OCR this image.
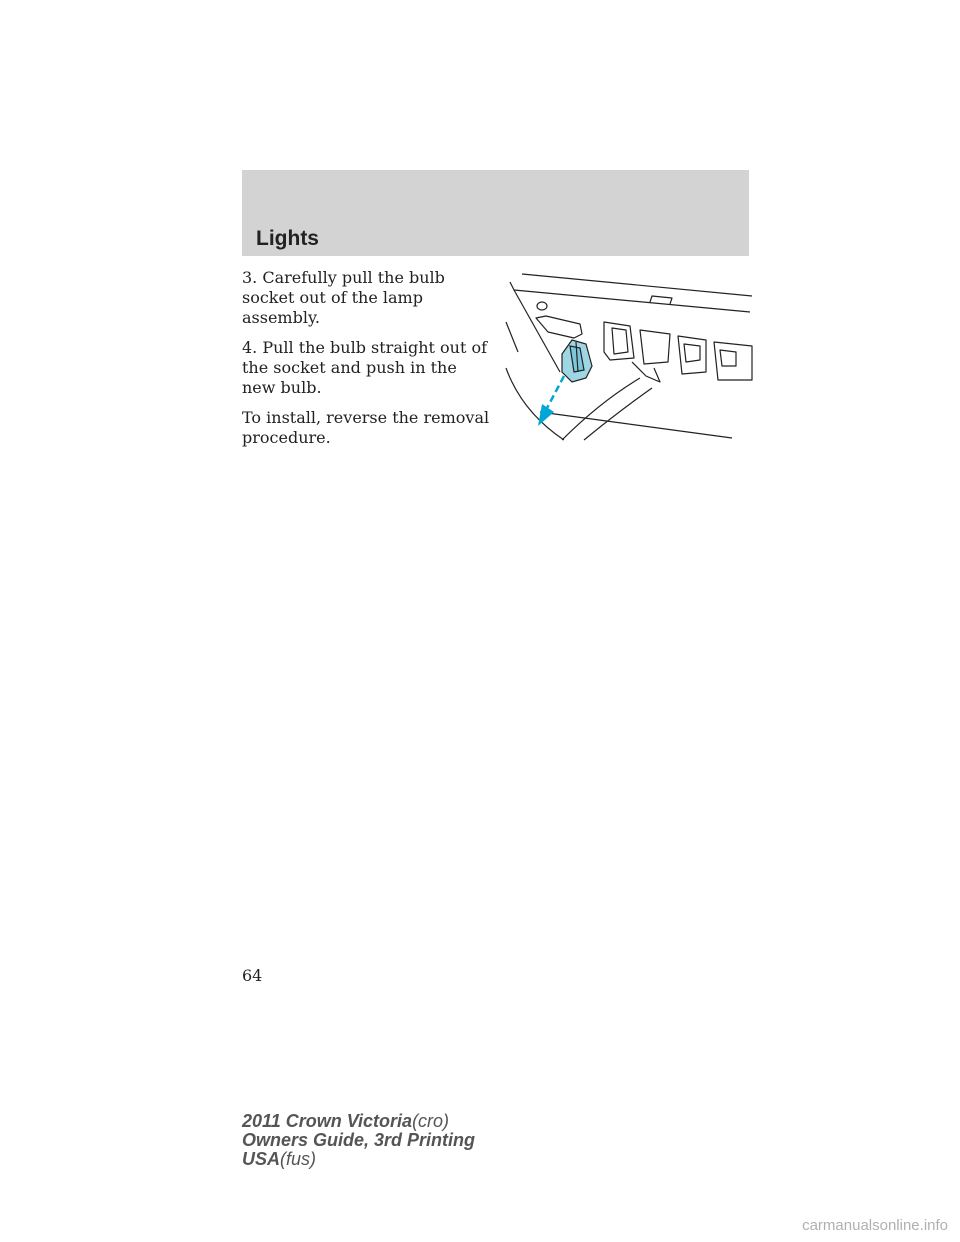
Lights

3. Carefully pull the bulb socket out of the lamp assembly.

4. Pull the bulb straight out of the socket and push in the new bulb.

To install, reverse the removal procedure.

64
2011 Crown Victoria(cro)
Owners Guide, 3rd Printing
USA(fus)
carmanualsonline.info
